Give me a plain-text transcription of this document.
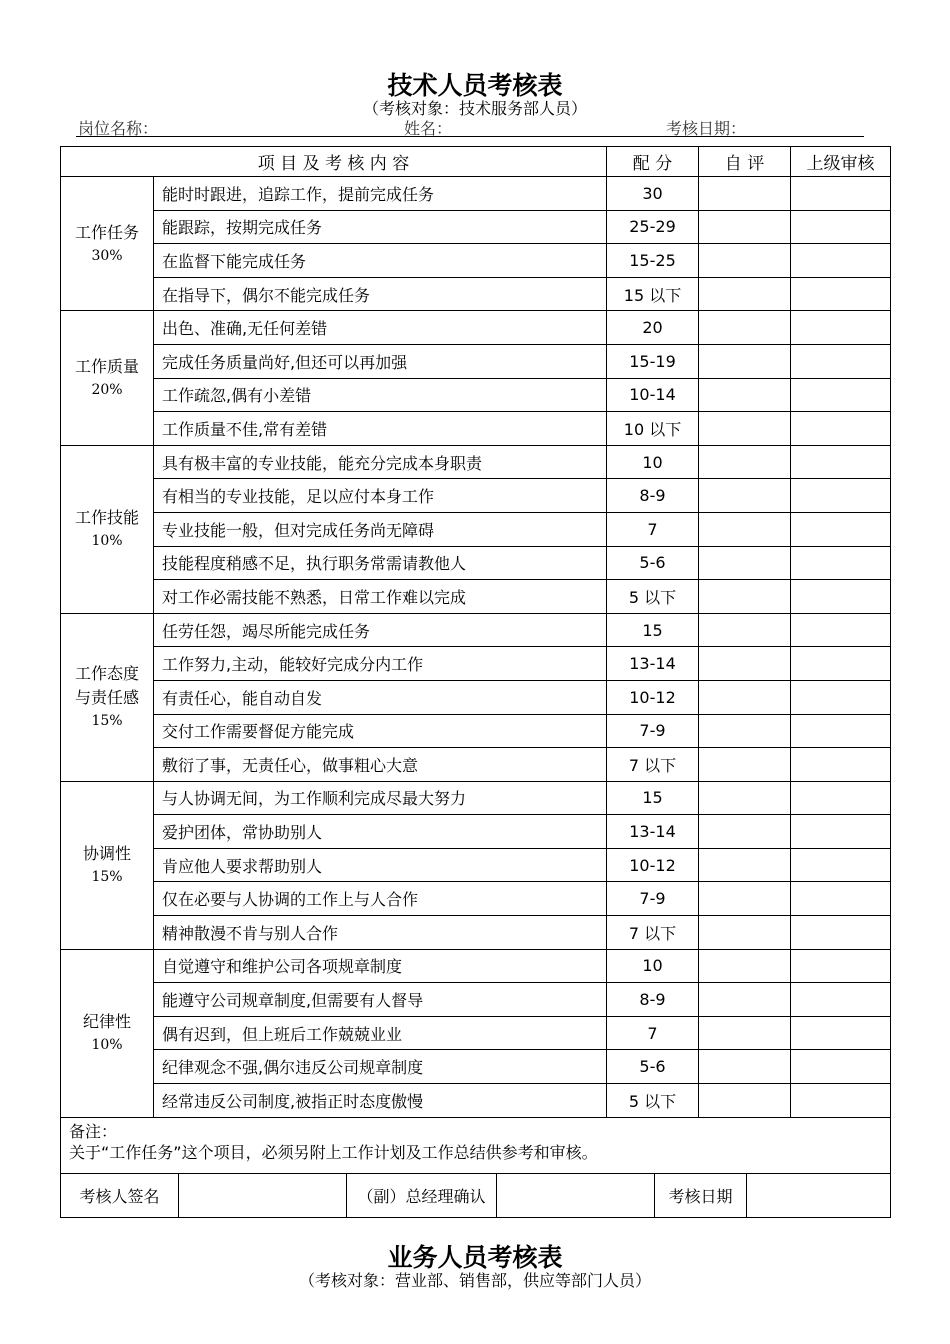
技术人员考核表
（考核对象：技术服务部人员）
岗位名称：	姓名：	考核日期：
项 目 及 考 核 内 容		配 分	自 评	上级审核

工作任务
30%	能时时跟进，追踪工作，提前完成任务	30		
	能跟踪，按期完成任务	25-29		
	在监督下能完成任务	15-25		
	在指导下，偶尔不能完成任务	15 以下		

工作质量
20%	出色、准确,无任何差错	20		
	完成任务质量尚好,但还可以再加强	15-19		
	工作疏忽,偶有小差错	10-14		
	工作质量不佳,常有差错	10 以下		

工作技能
10%	具有极丰富的专业技能，能充分完成本身职责	10		
	有相当的专业技能，足以应付本身工作	8-9		
	专业技能一般，但对完成任务尚无障碍	7		
	技能程度稍感不足，执行职务常需请教他人	5-6		
	对工作必需技能不熟悉，日常工作难以完成	5 以下		

工作态度
与责任感
15%	任劳任怨，竭尽所能完成任务	15		
	工作努力,主动，能较好完成分内工作	13-14		
	有责任心，能自动自发	10-12		
	交付工作需要督促方能完成	7-9		
	敷衍了事，无责任心，做事粗心大意	7 以下		

协调性
15%	与人协调无间，为工作顺利完成尽最大努力	15		
	爱护团体，常协助别人	13-14		
	肯应他人要求帮助别人	10-12		
	仅在必要与人协调的工作上与人合作	7-9		
	精神散漫不肯与别人合作	7 以下		

纪律性
10%	自觉遵守和维护公司各项规章制度	10		
	能遵守公司规章制度,但需要有人督导	8-9		
	偶有迟到，但上班后工作兢兢业业	7		
	纪律观念不强,偶尔违反公司规章制度	5-6		
	经常违反公司制度,被指正时态度傲慢	5 以下		

备注：
关于“工作任务”这个项目，必须另附上工作计划及工作总结供参考和审核。				
考核人签名		（副）总经理确认		考核日期	
业务人员考核表
（考核对象：营业部、销售部，供应等部门人员）
